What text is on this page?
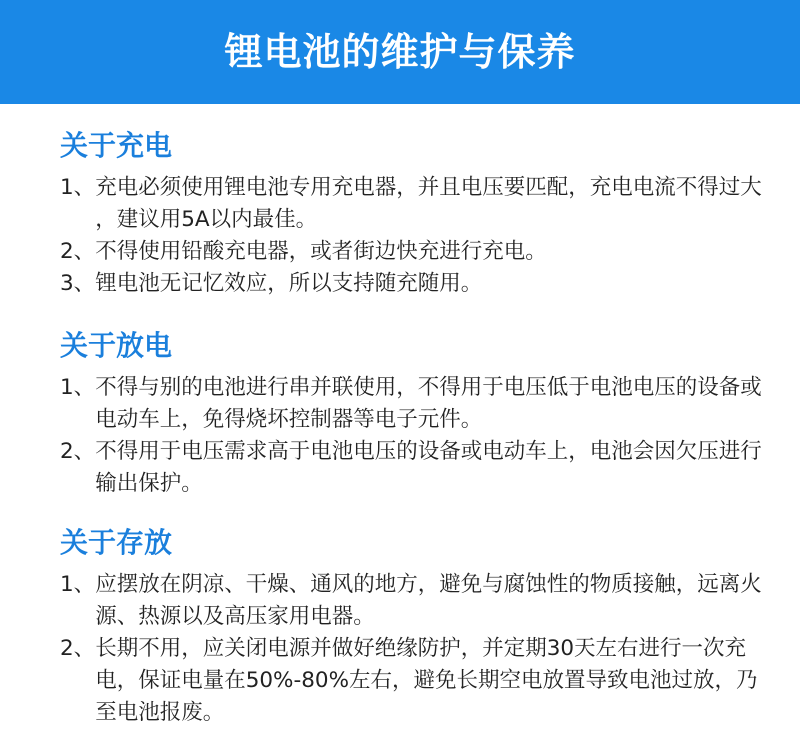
锂电池的维护与保养
关于充电
1、 充电必须使用锂电池专用充电器，并且电压要匹配，充电电流不得过大 ，建议用5A以内最佳。
2、 不得使用铅酸充电器，或者街边快充进行充电。
3、 锂电池无记忆效应，所以支持随充随用。
关于放电
1、 不得与别的电池进行串并联使用，不得用于电压低于电池电压的设备或电动车上，免得烧坏控制器等电子元件。
2、 不得用于电压需求高于电池电压的设备或电动车上，电池会因欠压进行输出保护。
关于存放
1、 应摆放在阴凉、干燥、通风的地方，避免与腐蚀性的物质接触，远离火源、热源以及高压家用电器。
2、 长期不用，应关闭电源并做好绝缘防护，并定期30天左右进行一次充电，保证电量在50%-80%左右，避免长期空电放置导致电池过放，乃至电池报废。
